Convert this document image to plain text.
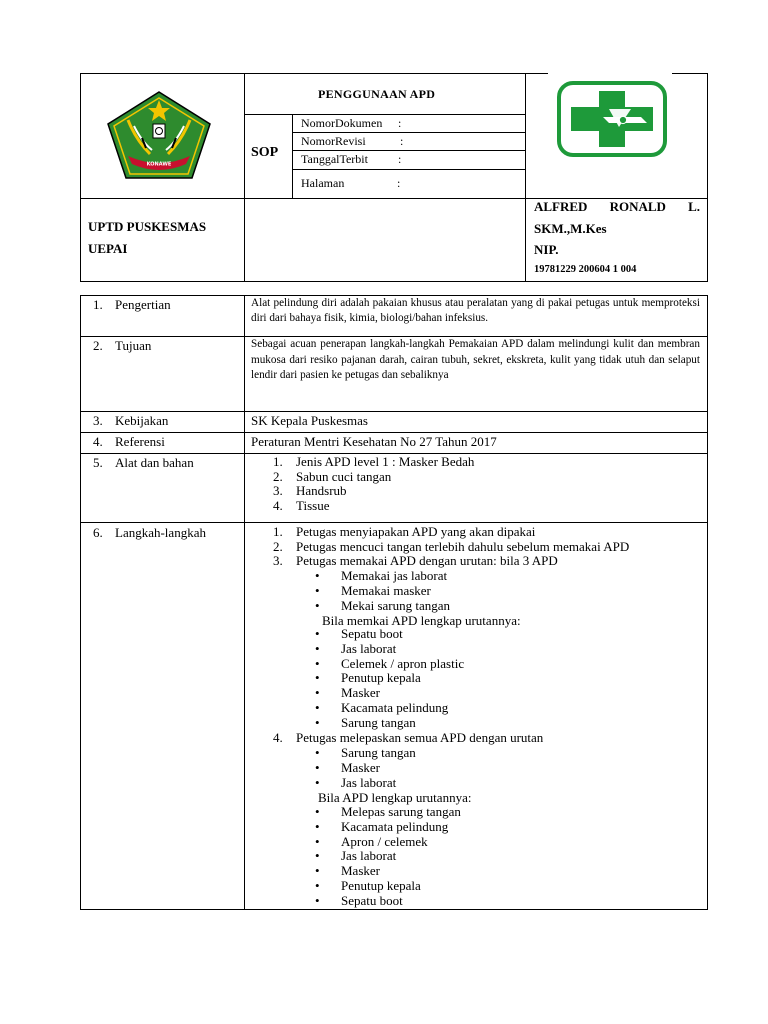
KONAWE
PENGGUNAAN APD
SOP
NomorDokumen :
NomorRevisi	:
TanggalTerbit	:
Halaman	:
UPTD PUSKESMAS
UEPAI
ALFRED RONALD L.
SKM.,M.Kes
NIP.
19781229 200604 1 004
1. Pengertian	Alat pelindung diri adalah pakaian khusus atau peralatan yang di pakai petugas untuk memproteksi diri dari bahaya fisik, kimia, biologi/bahan infeksius.
2. Tujuan	Sebagai acuan penerapan langkah-langkah Pemakaian APD dalam melindungi kulit dan membran mukosa dari resiko pajanan darah, cairan tubuh, sekret, ekskreta, kulit yang tidak utuh dan selaput lendir dari pasien ke petugas dan sebaliknya
3. Kebijakan	SK Kepala Puskesmas
4. Referensi	Peraturan Mentri Kesehatan No 27 Tahun 2017
5. Alat dan bahan	1. Jenis APD level 1 : Masker Bedah
2. Sabun cuci tangan
3. Handsrub
4. Tissue
6. Langkah-langkah	1. Petugas menyiapakan APD yang akan dipakai
2. Petugas mencuci tangan terlebih dahulu sebelum memakai APD
3. Petugas memakai APD dengan urutan: bila 3 APD
• Memakai jas laborat
• Memakai masker
• Mekai sarung tangan
Bila memkai APD lengkap urutannya:
• Sepatu boot
• Jas laborat
• Celemek / apron plastic
• Penutup kepala
• Masker
• Kacamata pelindung
• Sarung tangan
4. Petugas melepaskan semua APD dengan urutan
• Sarung tangan
• Masker
• Jas laborat
Bila APD lengkap urutannya:
• Melepas sarung tangan
• Kacamata pelindung
• Apron / celemek
• Jas laborat
• Masker
• Penutup kepala
• Sepatu boot
